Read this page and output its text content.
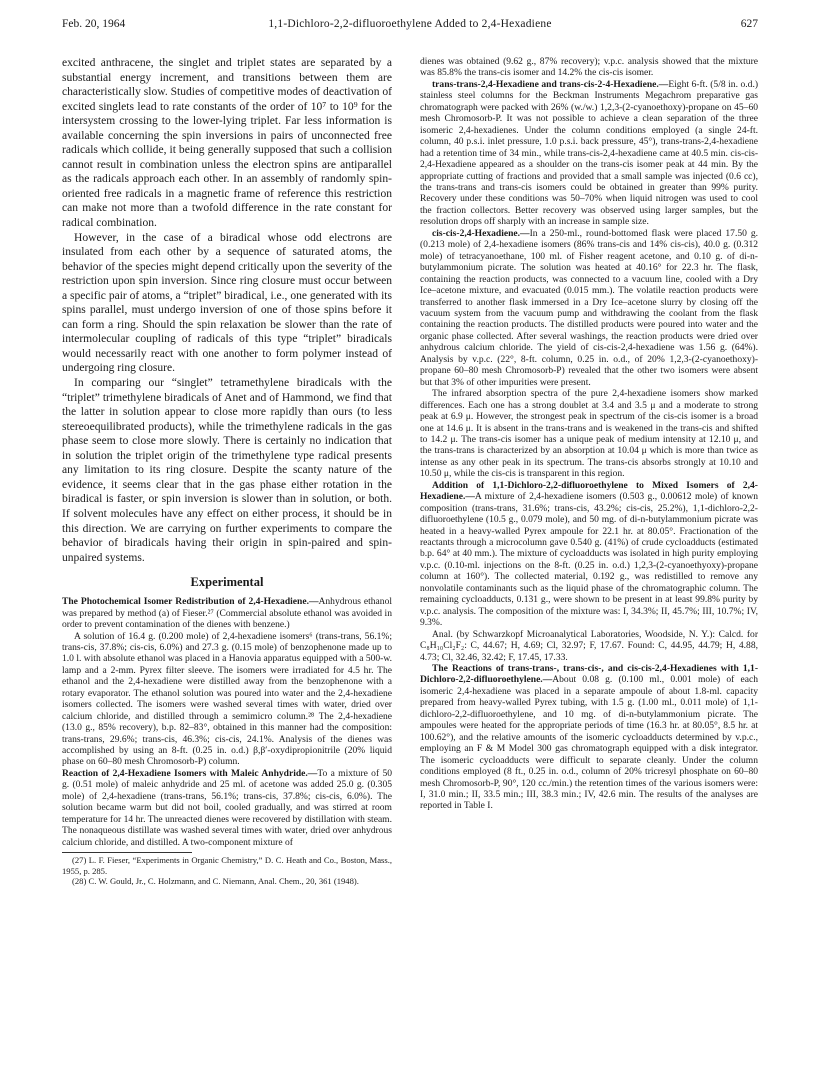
Feb. 20, 1964	1,1-Dichloro-2,2-difluoroethylene Added to 2,4-Hexadiene	627

excited anthracene, the singlet and triplet states are separated by a substantial energy increment, and transitions between them are characteristically slow. Studies of competitive modes of deactivation of excited singlets lead to rate constants of the order of 10⁷ to 10⁹ for the intersystem crossing to the lower-lying triplet. Far less information is available concerning the spin inversions in pairs of unconnected free radicals which collide, it being generally supposed that such a collision cannot result in combination unless the electron spins are antiparallel as the radicals approach each other. In an assembly of randomly spin-oriented free radicals in a magnetic frame of reference this restriction can make not more than a twofold difference in the rate constant for radical combination.

However, in the case of a biradical whose odd electrons are insulated from each other by a sequence of saturated atoms, the behavior of the species might depend critically upon the severity of the restriction upon spin inversion. Since ring closure must occur between a specific pair of atoms, a “triplet” biradical, i.e., one generated with its spins parallel, must undergo inversion of one of those spins before it can form a ring. Should the spin relaxation be slower than the rate of intermolecular coupling of radicals of this type “triplet” biradicals would necessarily react with one another to form polymer instead of undergoing ring closure.

In comparing our “singlet” tetramethylene biradicals with the “triplet” trimethylene biradicals of Anet and of Hammond, we find that the latter in solution appear to close more rapidly than ours (to less stereoequilibrated products), while the trimethylene radicals in the gas phase seem to close more slowly. There is certainly no indication that in solution the triplet origin of the trimethylene type radical presents any limitation to its ring closure. Despite the scanty nature of the evidence, it seems clear that in the gas phase either rotation in the biradical is faster, or spin inversion is slower than in solution, or both. If solvent molecules have any effect on either process, it should be in this direction. We are carrying on further experiments to compare the behavior of biradicals having their origin in spin-paired and spin-unpaired systems.

Experimental

The Photochemical Isomer Redistribution of 2,4-Hexadiene.—Anhydrous ethanol was prepared by method (a) of Fieser.²⁷ (Commercial absolute ethanol was avoided in order to prevent contamination of the dienes with benzene.)

A solution of 16.4 g. (0.200 mole) of 2,4-hexadiene isomers⁶ (trans-trans, 56.1%; trans-cis, 37.8%; cis-cis, 6.0%) and 27.3 g. (0.15 mole) of benzophenone made up to 1.0 l. with absolute ethanol was placed in a Hanovia apparatus equipped with a 500-w. lamp and a 2-mm. Pyrex filter sleeve. The isomers were irradiated for 4.5 hr. The ethanol and the 2,4-hexadiene were distilled away from the benzophenone with a rotary evaporator. The ethanol solution was poured into water and the 2,4-hexadiene isomers collected. The isomers were washed several times with water, dried over calcium chloride, and distilled through a semimicro column.²⁸ The 2,4-hexadiene (13.0 g., 85% recovery), b.p. 82–83°, obtained in this manner had the composition: trans-trans, 29.6%; trans-cis, 46.3%; cis-cis, 24.1%. Analysis of the dienes was accomplished by using an 8-ft. (0.25 in. o.d.) β,β′-oxydipropionitrile (20% liquid phase on 60–80 mesh Chromosorb-P) column.

Reaction of 2,4-Hexadiene Isomers with Maleic Anhydride.—To a mixture of 50 g. (0.51 mole) of maleic anhydride and 25 ml. of acetone was added 25.0 g. (0.305 mole) of 2,4-hexadiene (trans-trans, 56.1%; trans-cis, 37.8%; cis-cis, 6.0%). The solution became warm but did not boil, cooled gradually, and was stirred at room temperature for 14 hr. The unreacted dienes were recovered by distillation with steam. The nonaqueous distillate was washed several times with water, dried over anhydrous calcium chloride, and distilled. A two-component mixture of

(27) L. F. Fieser, “Experiments in Organic Chemistry,” D. C. Heath and Co., Boston, Mass., 1955, p. 285.

(28) C. W. Gould, Jr., C. Holzmann, and C. Niemann, Anal. Chem., 20, 361 (1948).

dienes was obtained (9.62 g., 87% recovery); v.p.c. analysis showed that the mixture was 85.8% the trans-cis isomer and 14.2% the cis-cis isomer.

trans-trans-2,4-Hexadiene and trans-cis-2-4-Hexadiene.—Eight 6-ft. (5/8 in. o.d.) stainless steel columns for the Beckman Instruments Megachrom preparative gas chromatograph were packed with 26% (w./w.) 1,2,3-(2-cyanoethoxy)-propane on 45–60 mesh Chromosorb-P. It was not possible to achieve a clean separation of the three isomeric 2,4-hexadienes. Under the column conditions employed (a single 24-ft. column, 40 p.s.i. inlet pressure, 1.0 p.s.i. back pressure, 45°), trans-trans-2,4-hexadiene had a retention time of 34 min., while trans-cis-2,4-hexadiene came at 40.5 min. cis-cis-2,4-Hexadiene appeared as a shoulder on the trans-cis isomer peak at 44 min. By the appropriate cutting of fractions and provided that a small sample was injected (0.6 cc), the trans-trans and trans-cis isomers could be obtained in greater than 99% purity. Recovery under these conditions was 50–70% when liquid nitrogen was used to cool the fraction collectors. Better recovery was observed using larger samples, but the resolution drops off sharply with an increase in sample size.

cis-cis-2,4-Hexadiene.—In a 250-ml., round-bottomed flask were placed 17.50 g. (0.213 mole) of 2,4-hexadiene isomers (86% trans-cis and 14% cis-cis), 40.0 g. (0.312 mole) of tetracyanoethane, 100 ml. of Fisher reagent acetone, and 0.10 g. of di-n-butylammonium picrate. The solution was heated at 40.16° for 22.3 hr. The flask, containing the reaction products, was connected to a vacuum line, cooled with a Dry Ice–acetone mixture, and evacuated (0.015 mm.). The volatile reaction products were transferred to another flask immersed in a Dry Ice–acetone slurry by closing off the vacuum system from the vacuum pump and withdrawing the coolant from the flask containing the reaction products. The distilled products were poured into water and the organic phase collected. After several washings, the reaction products were dried over anhydrous calcium chloride. The yield of cis-cis-2,4-hexadiene was 1.56 g. (64%). Analysis by v.p.c. (22°, 8-ft. column, 0.25 in. o.d., of 20% 1,2,3-(2-cyanoethoxy)-propane 60–80 mesh Chromosorb-P) revealed that the other two isomers were absent but that 3% of other impurities were present.

The infrared absorption spectra of the pure 2,4-hexadiene isomers show marked differences. Each one has a strong doublet at 3.4 and 3.5 μ and a moderate to strong peak at 6.9 μ. However, the strongest peak in spectrum of the cis-cis isomer is a broad one at 14.6 μ. It is absent in the trans-trans and is weakened in the trans-cis and shifted to 14.2 μ. The trans-cis isomer has a unique peak of medium intensity at 12.10 μ, and the trans-trans is characterized by an absorption at 10.04 μ which is more than twice as intense as any other peak in its spectrum. The trans-cis absorbs strongly at 10.10 and 10.50 μ, while the cis-cis is transparent in this region.

Addition of 1,1-Dichloro-2,2-difluoroethylene to Mixed Isomers of 2,4-Hexadiene.—A mixture of 2,4-hexadiene isomers (0.503 g., 0.00612 mole) of known composition (trans-trans, 31.6%; trans-cis, 43.2%; cis-cis, 25.2%), 1,1-dichloro-2,2-difluoroethylene (10.5 g., 0.079 mole), and 50 mg. of di-n-butylammonium picrate was heated in a heavy-walled Pyrex ampoule for 22.1 hr. at 80.05°. Fractionation of the reactants through a microcolumn gave 0.540 g. (41%) of crude cycloadducts (estimated b.p. 64° at 40 mm.). The mixture of cycloadducts was isolated in high purity employing v.p.c. (0.10-ml. injections on the 8-ft. (0.25 in. o.d.) 1,2,3-(2-cyanoethyoxy)-propane column at 160°). The collected material, 0.192 g., was redistilled to remove any nonvolatile contaminants such as the liquid phase of the chromatographic column. The remaining cycloadducts, 0.131 g., were shown to be present in at least 99.8% purity by v.p.c. analysis. The composition of the mixture was: I, 34.3%; II, 45.7%; III, 10.7%; IV, 9.3%.

Anal. (by Schwarzkopf Microanalytical Laboratories, Woodside, N. Y.): Calcd. for C₈H₁₀Cl₂F₂: C, 44.67; H, 4.69; Cl, 32.97; F, 17.67. Found: C, 44.95, 44.79; H, 4.88, 4.73; Cl, 32.46, 32.42; F, 17.45, 17.33.

The Reactions of trans-trans-, trans-cis-, and cis-cis-2,4-Hexadienes with 1,1-Dichloro-2,2-difluoroethylene.—About 0.08 g. (0.100 ml., 0.001 mole) of each isomeric 2,4-hexadiene was placed in a separate ampoule of about 1.8-ml. capacity prepared from heavy-walled Pyrex tubing, with 1.5 g. (1.00 ml., 0.011 mole) of 1,1-dichloro-2,2-difluoroethylene, and 10 mg. of di-n-butylammonium picrate. The ampoules were heated for the appropriate periods of time (16.3 hr. at 80.05°, 8.5 hr. at 100.62°), and the relative amounts of the isomeric cycloadducts determined by v.p.c., employing an F & M Model 300 gas chromatograph equipped with a disk integrator. The isomeric cycloadducts were difficult to separate cleanly. Under the column conditions employed (8 ft., 0.25 in. o.d., column of 20% tricresyl phosphate on 60–80 mesh Chromosorb-P, 90°, 120 cc./min.) the retention times of the various isomers were: I, 31.0 min.; II, 33.5 min.; III, 38.3 min.; IV, 42.6 min. The results of the analyses are reported in Table I.
